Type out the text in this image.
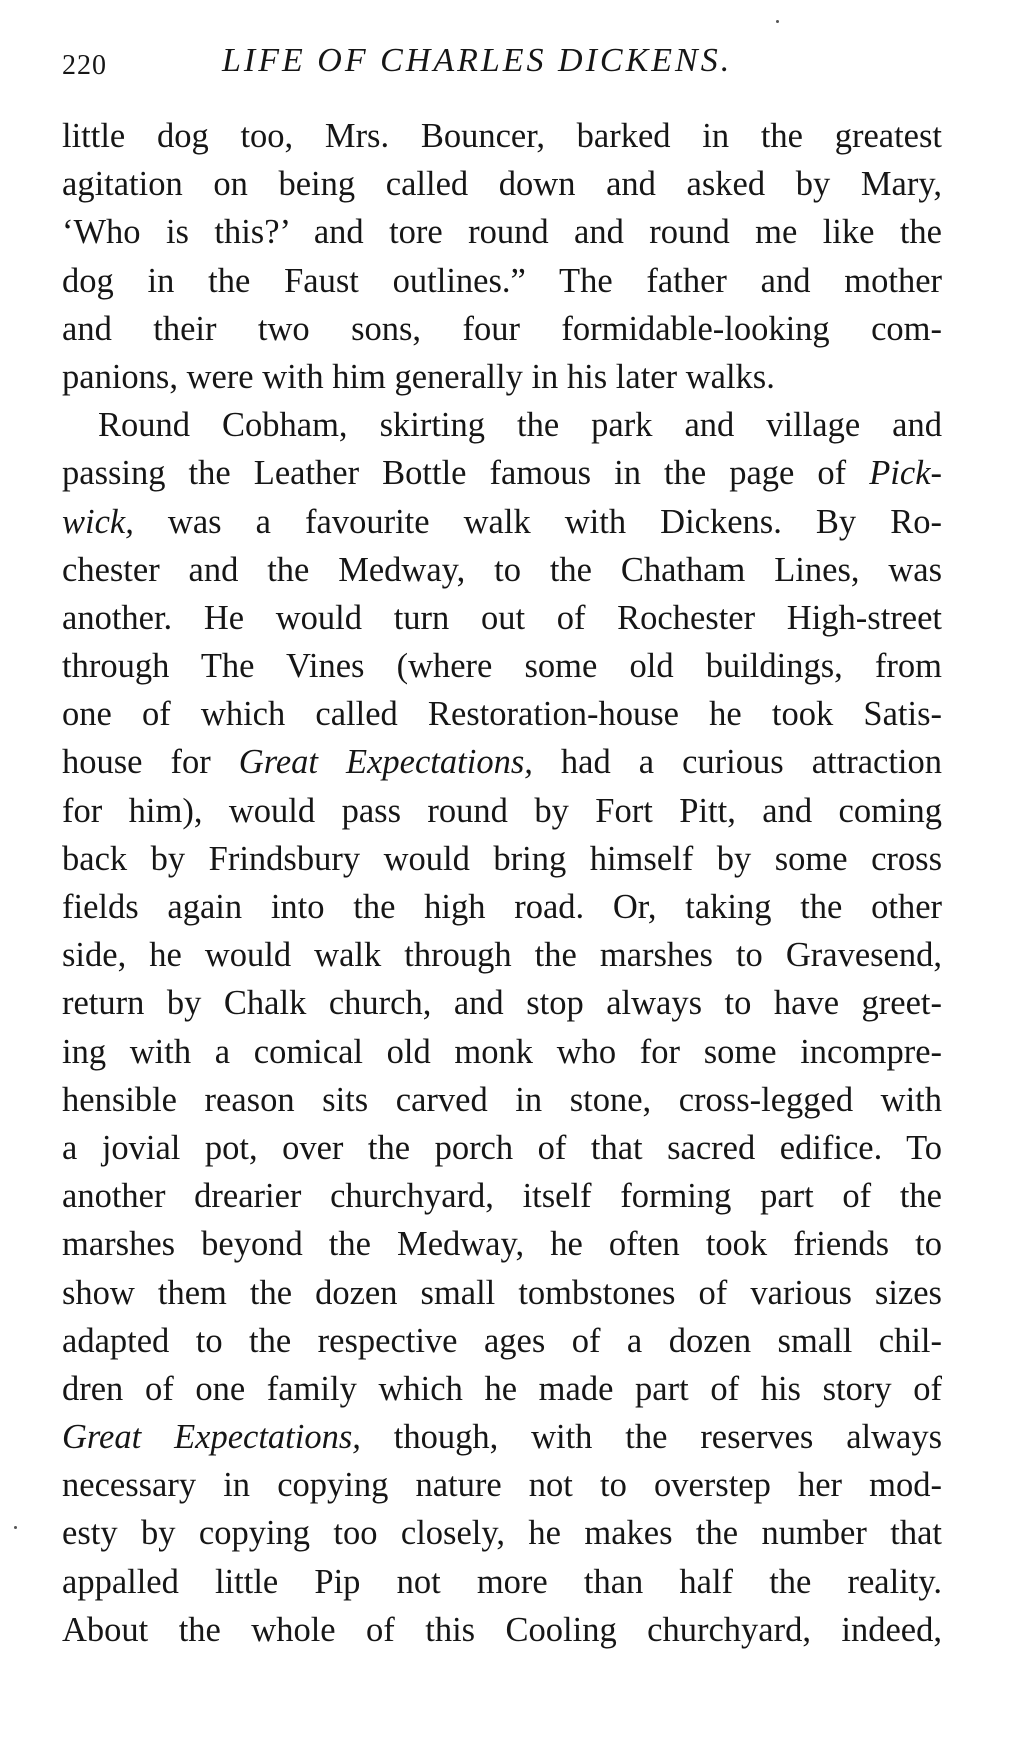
220	LIFE OF CHARLES DICKENS.
little dog too, Mrs. Bouncer, barked in the greatest
agitation on being called down and asked by Mary,
‘Who is this?’ and tore round and round me like the
dog in the Faust outlines.” The father and mother
and their two sons, four formidable-looking com-
panions, were with him generally in his later walks.
Round Cobham, skirting the park and village and
passing the Leather Bottle famous in the page of Pick-
wick, was a favourite walk with Dickens. By Ro-
chester and the Medway, to the Chatham Lines, was
another. He would turn out of Rochester High-street
through The Vines (where some old buildings, from
one of which called Restoration-house he took Satis-
house for Great Expectations, had a curious attraction
for him), would pass round by Fort Pitt, and coming
back by Frindsbury would bring himself by some cross
fields again into the high road. Or, taking the other
side, he would walk through the marshes to Gravesend,
return by Chalk church, and stop always to have greet-
ing with a comical old monk who for some incompre-
hensible reason sits carved in stone, cross-legged with
a jovial pot, over the porch of that sacred edifice. To
another drearier churchyard, itself forming part of the
marshes beyond the Medway, he often took friends to
show them the dozen small tombstones of various sizes
adapted to the respective ages of a dozen small chil-
dren of one family which he made part of his story of
Great Expectations, though, with the reserves always
necessary in copying nature not to overstep her mod-
esty by copying too closely, he makes the number that
appalled little Pip not more than half the reality.
About the whole of this Cooling churchyard, indeed,
